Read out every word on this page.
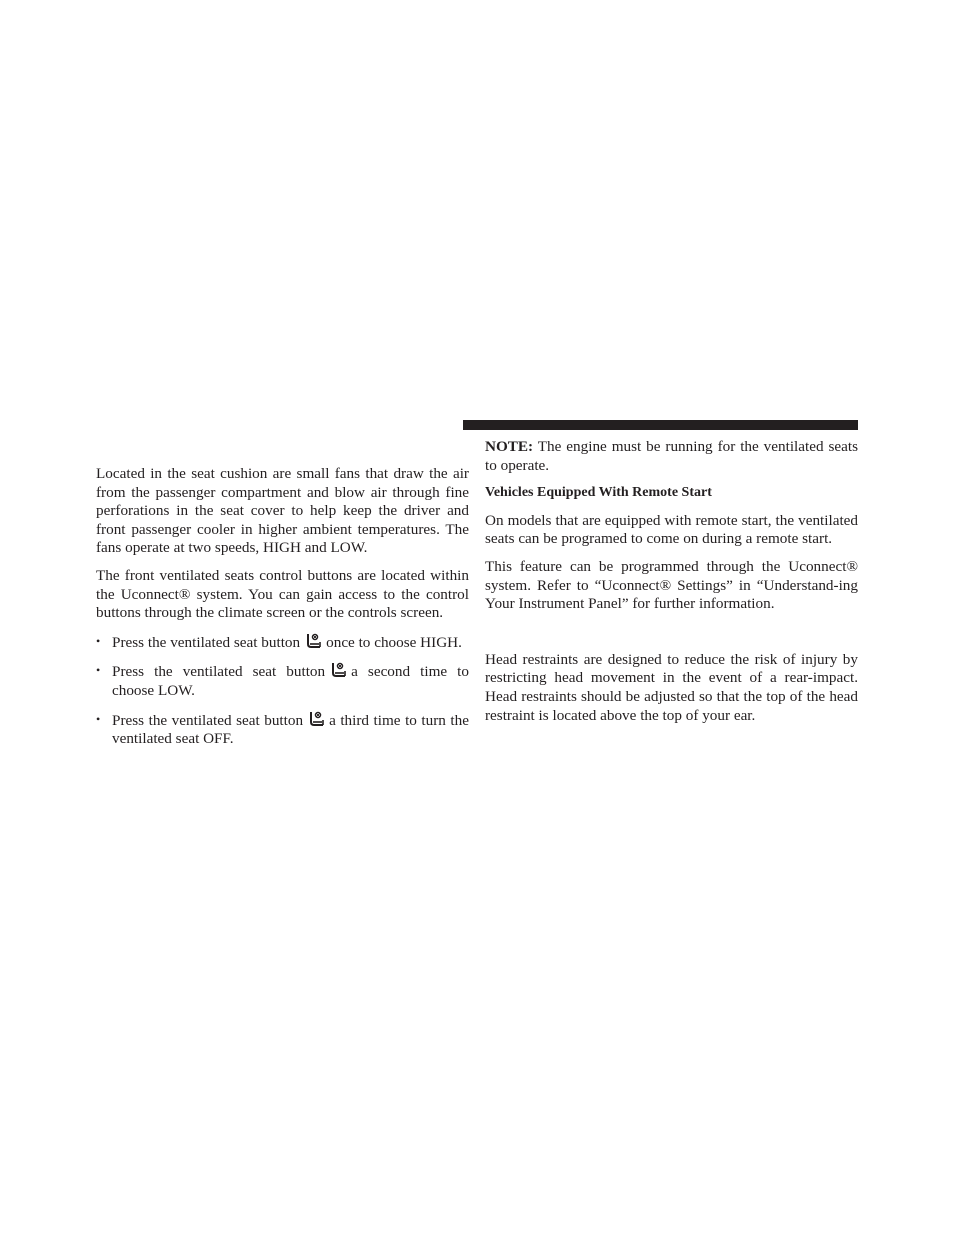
Located in the seat cushion are small fans that draw the air from the passenger compartment and blow air through fine perforations in the seat cover to help keep the driver and front passenger cooler in higher ambient temperatures. The fans operate at two speeds, HIGH and LOW.

The front ventilated seats control buttons are located within the Uconnect® system. You can gain access to the control buttons through the climate screen or the controls screen.

• Press the ventilated seat button once to choose HIGH.
• Press the ventilated seat button a second time to choose LOW.
• Press the ventilated seat button a third time to turn the ventilated seat OFF.

NOTE: The engine must be running for the ventilated seats to operate.

Vehicles Equipped With Remote Start

On models that are equipped with remote start, the ventilated seats can be programed to come on during a remote start.

This feature can be programmed through the Uconnect® system. Refer to “Uconnect® Settings” in “Understand-ing Your Instrument Panel” for further information.

Head restraints are designed to reduce the risk of injury by restricting head movement in the event of a rear-impact. Head restraints should be adjusted so that the top of the head restraint is located above the top of your ear.
